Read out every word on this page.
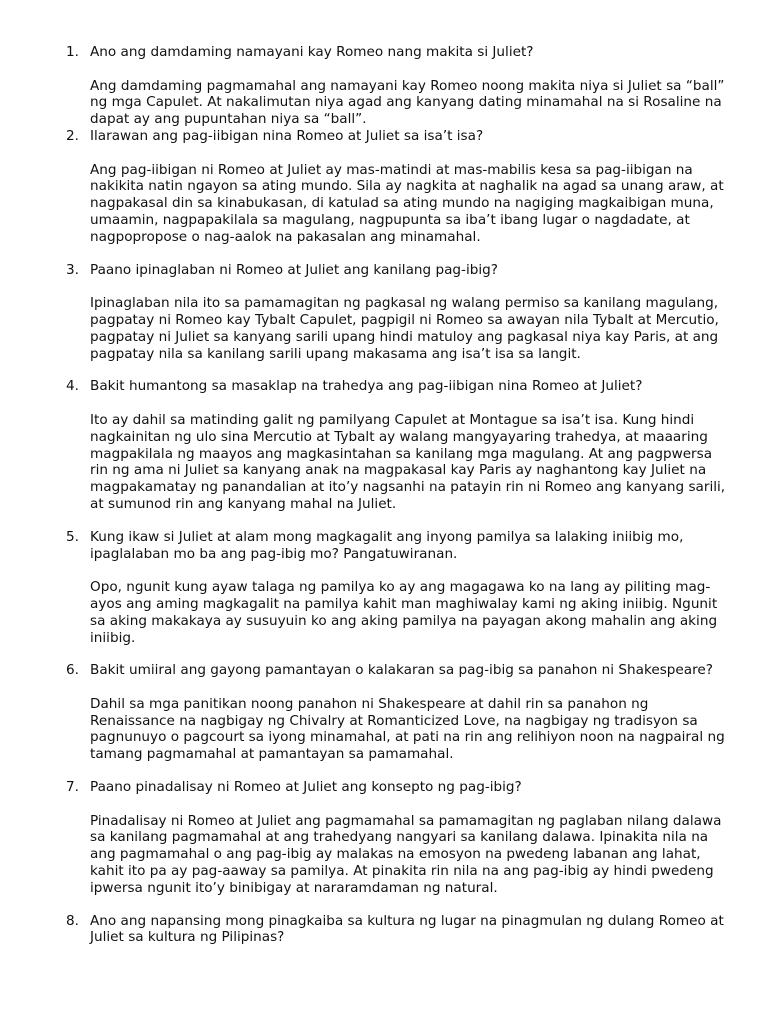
1. Ano ang damdaming namayani kay Romeo nang makita si Juliet?

Ang damdaming pagmamahal ang namayani kay Romeo noong makita niya si Juliet sa “ball” ng mga Capulet. At nakalimutan niya agad ang kanyang dating minamahal na si Rosaline na dapat ay ang pupuntahan niya sa “ball”.

2. Ilarawan ang pag-iibigan nina Romeo at Juliet sa isa’t isa?

Ang pag-iibigan ni Romeo at Juliet ay mas-matindi at mas-mabilis kesa sa pag-iibigan na nakikita natin ngayon sa ating mundo. Sila ay nagkita at naghalik na agad sa unang araw, at nagpakasal din sa kinabukasan, di katulad sa ating mundo na nagiging magkaibigan muna, umaamin, nagpapakilala sa magulang, nagpupunta sa iba’t ibang lugar o nagdadate, at nagpopropose o nag-aalok na pakasalan ang minamahal.

3. Paano ipinaglaban ni Romeo at Juliet ang kanilang pag-ibig?

Ipinaglaban nila ito sa pamamagitan ng pagkasal ng walang permiso sa kanilang magulang, pagpatay ni Romeo kay Tybalt Capulet, pagpigil ni Romeo sa awayan nila Tybalt at Mercutio, pagpatay ni Juliet sa kanyang sarili upang hindi matuloy ang pagkasal niya kay Paris, at ang pagpatay nila sa kanilang sarili upang makasama ang isa’t isa sa langit.

4. Bakit humantong sa masaklap na trahedya ang pag-iibigan nina Romeo at Juliet?

Ito ay dahil sa matinding galit ng pamilyang Capulet at Montague sa isa’t isa. Kung hindi nagkainitan ng ulo sina Mercutio at Tybalt ay walang mangyayaring trahedya, at maaaring magpakilala ng maayos ang magkasintahan sa kanilang mga magulang. At ang pagpwersa rin ng ama ni Juliet sa kanyang anak na magpakasal kay Paris ay naghantong kay Juliet na magpakamatay ng panandalian at ito’y nagsanhi na patayin rin ni Romeo ang kanyang sarili, at sumunod rin ang kanyang mahal na Juliet.

5. Kung ikaw si Juliet at alam mong magkagalit ang inyong pamilya sa lalaking iniibig mo, ipaglalaban mo ba ang pag-ibig mo? Pangatuwiranan.

Opo, ngunit kung ayaw talaga ng pamilya ko ay ang magagawa ko na lang ay piliting mag-ayos ang aming magkagalit na pamilya kahit man maghiwalay kami ng aking iniibig. Ngunit sa aking makakaya ay susuyuin ko ang aking pamilya na payagan akong mahalin ang aking iniibig.

6. Bakit umiiral ang gayong pamantayan o kalakaran sa pag-ibig sa panahon ni Shakespeare?

Dahil sa mga panitikan noong panahon ni Shakespeare at dahil rin sa panahon ng Renaissance na nagbigay ng Chivalry at Romanticized Love, na nagbigay ng tradisyon sa pagnunuyo o pagcourt sa iyong minamahal, at pati na rin ang relihiyon noon na nagpairal ng tamang pagmamahal at pamantayan sa pamamahal.

7. Paano pinadalisay ni Romeo at Juliet ang konsepto ng pag-ibig?

Pinadalisay ni Romeo at Juliet ang pagmamahal sa pamamagitan ng paglaban nilang dalawa sa kanilang pagmamahal at ang trahedyang nangyari sa kanilang dalawa. Ipinakita nila na ang pagmamahal o ang pag-ibig ay malakas na emosyon na pwedeng labanan ang lahat, kahit ito pa ay pag-aaway sa pamilya. At pinakita rin nila na ang pag-ibig ay hindi pwedeng ipwersa ngunit ito’y binibigay at nararamdaman ng natural.

8. Ano ang napansing mong pinagkaiba sa kultura ng lugar na pinagmulan ng dulang Romeo at Juliet sa kultura ng Pilipinas?
